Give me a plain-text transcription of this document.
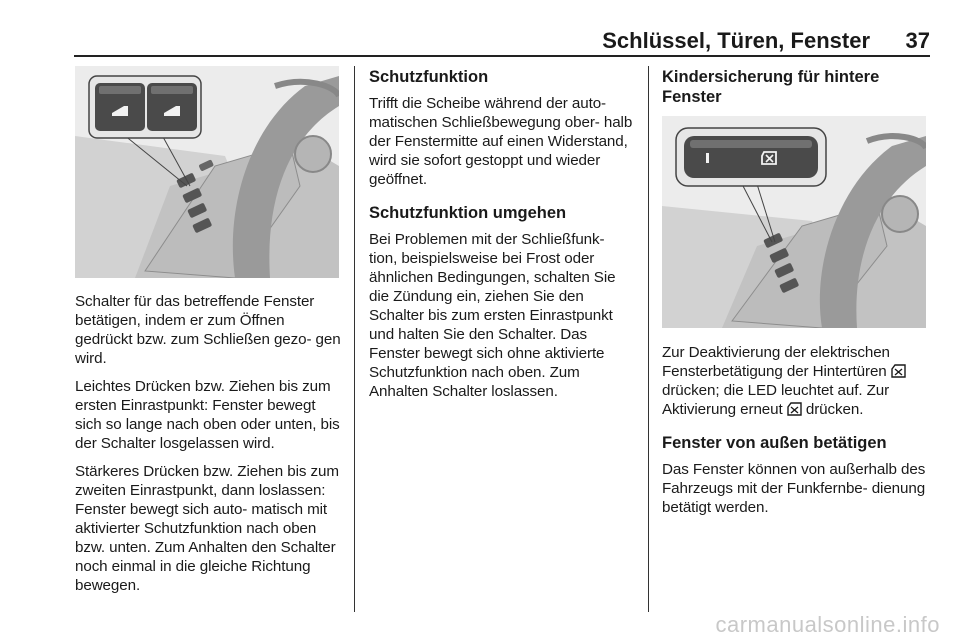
Schlüssel, Türen, Fenster	37

Schalter für das betreffende Fenster betätigen, indem er zum Öffnen gedrückt bzw. zum Schließen gezo‑ gen wird.

Leichtes Drücken bzw. Ziehen bis zum ersten Einrastpunkt: Fenster bewegt sich so lange nach oben oder unten, bis der Schalter losgelassen wird.

Stärkeres Drücken bzw. Ziehen bis zum zweiten Einrastpunkt, dann loslassen: Fenster bewegt sich auto‑ matisch mit aktivierter Schutzfunktion nach oben bzw. unten. Zum Anhalten den Schalter noch einmal in die gleiche Richtung bewegen.

Schutzfunktion

Trifft die Scheibe während der auto‑ matischen Schließbewegung ober‑ halb der Fenstermitte auf einen Widerstand, wird sie sofort gestoppt und wieder geöffnet.

Schutzfunktion umgehen

Bei Problemen mit der Schließfunk‑ tion, beispielsweise bei Frost oder ähnlichen Bedingungen, schalten Sie die Zündung ein, ziehen Sie den Schalter bis zum ersten Einrastpunkt und halten Sie den Schalter. Das Fenster bewegt sich ohne aktivierte Schutzfunktion nach oben. Zum Anhalten Schalter loslassen.

Kindersicherung für hintere Fenster

Zur Deaktivierung der elektrischen Fensterbetätigung der Hintertüren  drücken; die LED leuchtet auf. Zur Aktivierung erneut drücken.

Fenster von außen betätigen

Das Fenster können von außerhalb des Fahrzeugs mit der Funkfernbe‑ dienung betätigt werden.

carmanualsonline.info
